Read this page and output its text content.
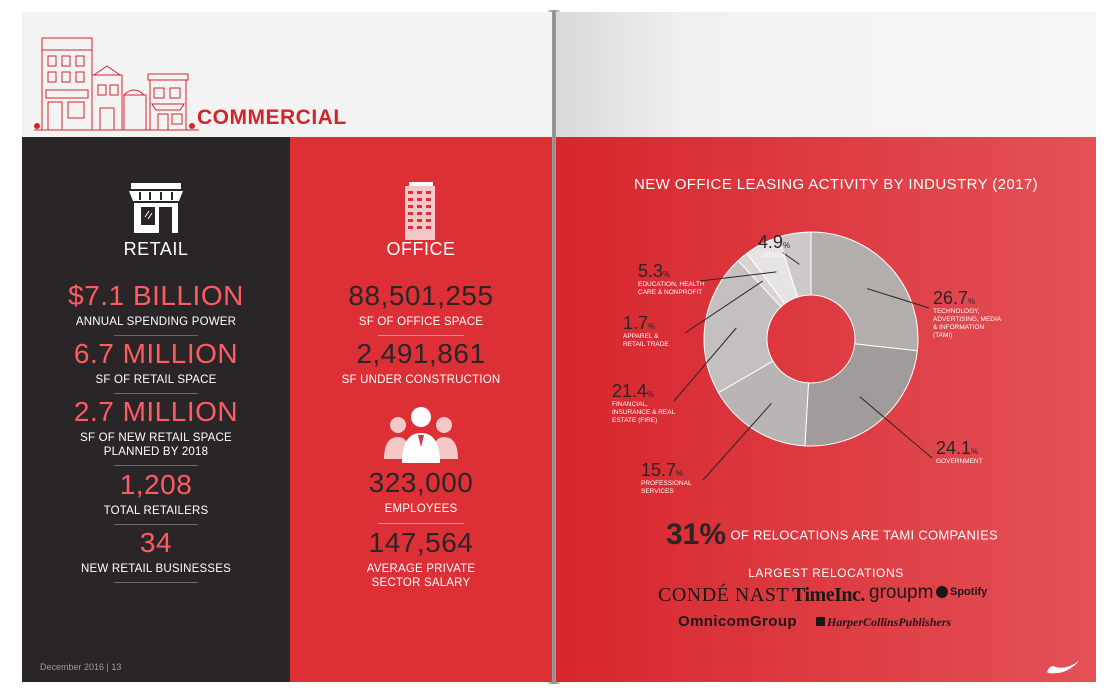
COMMERCIAL
RETAIL
$7.1 BILLION
ANNUAL SPENDING POWER
6.7 MILLION
SF OF RETAIL SPACE
2.7 MILLION
SF OF NEW RETAIL SPACE
PLANNED BY 2018
1,208
TOTAL RETAILERS
34
NEW RETAIL BUSINESSES
December 2016 | 13
OFFICE
88,501,255
SF OF OFFICE SPACE
2,491,861
SF UNDER CONSTRUCTION
323,000
EMPLOYEES
147,564
AVERAGE PRIVATE
SECTOR SALARY
NEW OFFICE LEASING ACTIVITY BY INDUSTRY (2017)
26.7%
TECHNOLOGY, ADVERTISING, MEDIA & INFORMATION (TAMI)
24.1%
GOVERNMENT
15.7%
PROFESSIONAL SERVICES
21.4%
FINANCIAL, INSURANCE & REAL ESTATE (FIRE)
1.7%
APPAREL & RETAIL TRADE
5.3%
EDUCATION, HEALTH CARE & NONPROFIT
4.9%
OTHER
31% OF RELOCATIONS ARE TAMI COMPANIES
LARGEST RELOCATIONS
CONDÉ NAST TimeInc. groupm	Spotify
OmnicomGroup	HarperCollinsPublishers
